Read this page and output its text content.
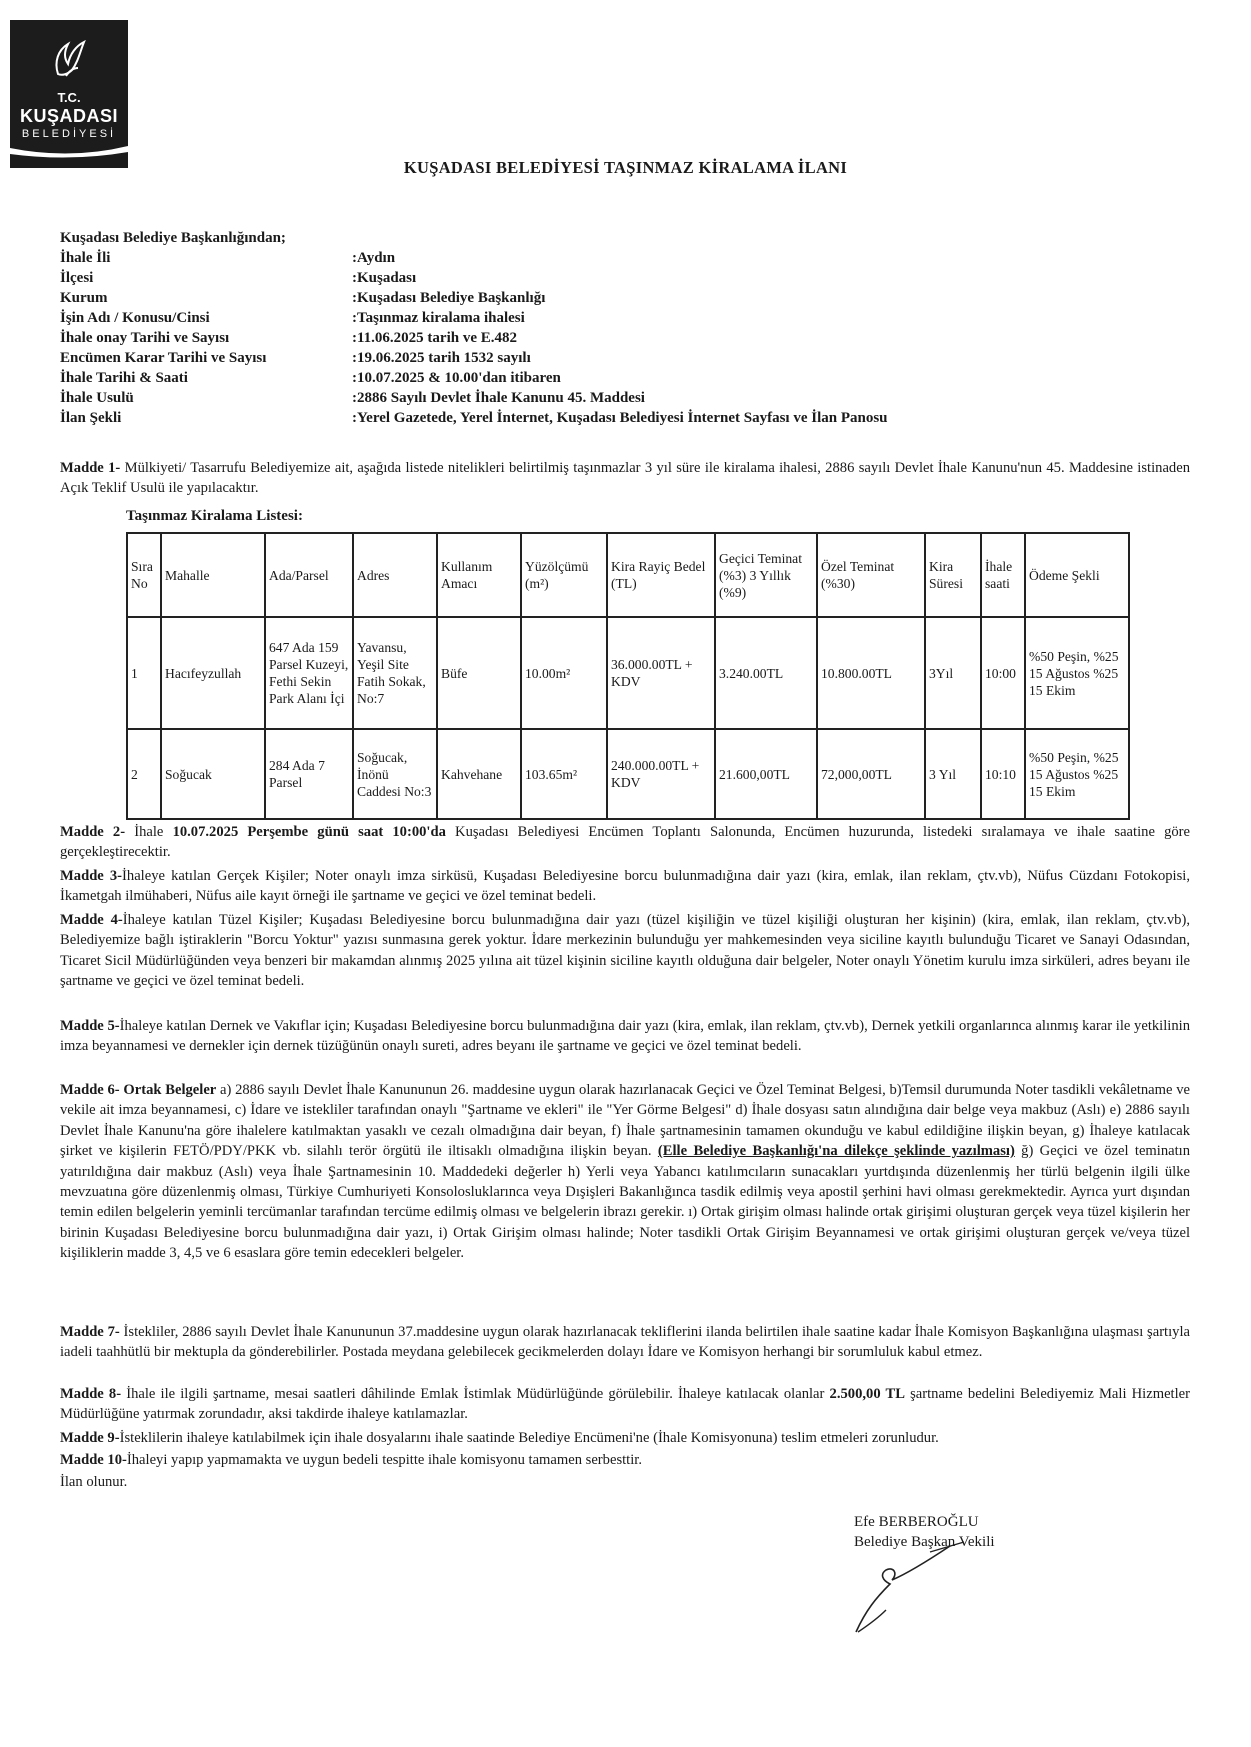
T.C.
KUŞADASI
BELEDİYESİ
KUŞADASI BELEDİYESİ TAŞINMAZ KİRALAMA İLANI
Kuşadası Belediye Başkanlığından;
İhale İli	:Aydın
İlçesi	:Kuşadası
Kurum	:Kuşadası Belediye Başkanlığı
İşin Adı / Konusu/Cinsi	:Taşınmaz kiralama ihalesi
İhale onay Tarihi ve Sayısı	:11.06.2025 tarih ve E.482
Encümen Karar Tarihi ve Sayısı	:19.06.2025 tarih 1532 sayılı
İhale Tarihi & Saati	:10.07.2025 & 10.00'dan itibaren
İhale Usulü	:2886 Sayılı Devlet İhale Kanunu 45. Maddesi
İlan Şekli	:Yerel Gazetede, Yerel İnternet, Kuşadası Belediyesi İnternet Sayfası ve İlan Panosu
Madde 1- Mülkiyeti/ Tasarrufu Belediyemize ait, aşağıda listede nitelikleri belirtilmiş taşınmazlar 3 yıl süre ile kiralama ihalesi, 2886 sayılı Devlet İhale Kanunu'nun 45. Maddesine istinaden Açık Teklif Usulü ile yapılacaktır.
Taşınmaz Kiralama Listesi:
Sıra No	Mahalle	Ada/Parsel	Adres	Kullanım Amacı	Yüzölçümü (m²)	Kira Rayiç Bedel (TL)	Geçici Teminat (%3) 3 Yıllık (%9)	Özel Teminat (%30)	Kira Süresi	İhale saati	Ödeme Şekli
1	Hacıfeyzullah	647 Ada 159 Parsel Kuzeyi, Fethi Sekin Park Alanı İçi	Yavansu, Yeşil Site Fatih Sokak, No:7	Büfe	10.00m²	36.000.00TL + KDV	3.240.00TL	10.800.00TL	3Yıl	10:00	%50 Peşin, %25 15 Ağustos %25 15 Ekim
2	Soğucak	284 Ada 7 Parsel	Soğucak, İnönü Caddesi No:3	Kahvehane	103.65m²	240.000.00TL + KDV	21.600,00TL	72,000,00TL	3 Yıl	10:10	%50 Peşin, %25 15 Ağustos %25 15 Ekim
Madde 2- İhale 10.07.2025 Perşembe günü saat 10:00'da Kuşadası Belediyesi Encümen Toplantı Salonunda, Encümen huzurunda, listedeki sıralamaya ve ihale saatine göre gerçekleştirecektir.
Madde 3-İhaleye katılan Gerçek Kişiler; Noter onaylı imza sirküsü, Kuşadası Belediyesine borcu bulunmadığına dair yazı (kira, emlak, ilan reklam, çtv.vb), Nüfus Cüzdanı Fotokopisi, İkametgah ilmühaberi, Nüfus aile kayıt örneği ile şartname ve geçici ve özel teminat bedeli.
Madde 4-İhaleye katılan Tüzel Kişiler; Kuşadası Belediyesine borcu bulunmadığına dair yazı (tüzel kişiliğin ve tüzel kişiliği oluşturan her kişinin) (kira, emlak, ilan reklam, çtv.vb), Belediyemize bağlı iştiraklerin "Borcu Yoktur" yazısı sunmasına gerek yoktur. İdare merkezinin bulunduğu yer mahkemesinden veya siciline kayıtlı bulunduğu Ticaret ve Sanayi Odasından, Ticaret Sicil Müdürlüğünden veya benzeri bir makamdan alınmış 2025 yılına ait tüzel kişinin siciline kayıtlı olduğuna dair belgeler, Noter onaylı Yönetim kurulu imza sirküleri, adres beyanı ile şartname ve geçici ve özel teminat bedeli.
Madde 5-İhaleye katılan Dernek ve Vakıflar için; Kuşadası Belediyesine borcu bulunmadığına dair yazı (kira, emlak, ilan reklam, çtv.vb), Dernek yetkili organlarınca alınmış karar ile yetkilinin imza beyannamesi ve dernekler için dernek tüzüğünün onaylı sureti, adres beyanı ile şartname ve geçici ve özel teminat bedeli.
Madde 6- Ortak Belgeler a) 2886 sayılı Devlet İhale Kanununun 26. maddesine uygun olarak hazırlanacak Geçici ve Özel Teminat Belgesi, b)Temsil durumunda Noter tasdikli vekâletname ve vekile ait imza beyannamesi, c) İdare ve istekliler tarafından onaylı "Şartname ve ekleri" ile "Yer Görme Belgesi" d) İhale dosyası satın alındığına dair belge veya makbuz (Aslı) e) 2886 sayılı Devlet İhale Kanunu'na göre ihalelere katılmaktan yasaklı ve cezalı olmadığına dair beyan, f) İhale şartnamesinin tamamen okunduğu ve kabul edildiğine ilişkin beyan, g) İhaleye katılacak şirket ve kişilerin FETÖ/PDY/PKK vb. silahlı terör örgütü ile iltisaklı olmadığına ilişkin beyan. (Elle Belediye Başkanlığı'na dilekçe şeklinde yazılması) ğ) Geçici ve özel teminatın yatırıldığına dair makbuz (Aslı) veya İhale Şartnamesinin 10. Maddedeki değerler h) Yerli veya Yabancı katılımcıların sunacakları yurtdışında düzenlenmiş her türlü belgenin ilgili ülke mevzuatına göre düzenlenmiş olması, Türkiye Cumhuriyeti Konsolosluklarınca veya Dışişleri Bakanlığınca tasdik edilmiş veya apostil şerhini havi olması gerekmektedir. Ayrıca yurt dışından temin edilen belgelerin yeminli tercümanlar tarafından tercüme edilmiş olması ve belgelerin ibrazı gerekir. ı) Ortak girişim olması halinde ortak girişimi oluşturan gerçek veya tüzel kişilerin her birinin Kuşadası Belediyesine borcu bulunmadığına dair yazı, i) Ortak Girişim olması halinde; Noter tasdikli Ortak Girişim Beyannamesi ve ortak girişimi oluşturan gerçek ve/veya tüzel kişiliklerin madde 3, 4,5 ve 6 esaslara göre temin edecekleri belgeler.
Madde 7- İstekliler, 2886 sayılı Devlet İhale Kanununun 37.maddesine uygun olarak hazırlanacak tekliflerini ilanda belirtilen ihale saatine kadar İhale Komisyon Başkanlığına ulaşması şartıyla iadeli taahhütlü bir mektupla da gönderebilirler. Postada meydana gelebilecek gecikmelerden dolayı İdare ve Komisyon herhangi bir sorumluluk kabul etmez.
Madde 8- İhale ile ilgili şartname, mesai saatleri dâhilinde Emlak İstimlak Müdürlüğünde görülebilir. İhaleye katılacak olanlar 2.500,00 TL şartname bedelini Belediyemiz Mali Hizmetler Müdürlüğüne yatırmak zorundadır, aksi takdirde ihaleye katılamazlar.
Madde 9-İsteklilerin ihaleye katılabilmek için ihale dosyalarını ihale saatinde Belediye Encümeni'ne (İhale Komisyonuna) teslim etmeleri zorunludur.
Madde 10-İhaleyi yapıp yapmamakta ve uygun bedeli tespitte ihale komisyonu tamamen serbesttir.
İlan olunur.
Efe BERBEROĞLU
Belediye Başkan Vekili
